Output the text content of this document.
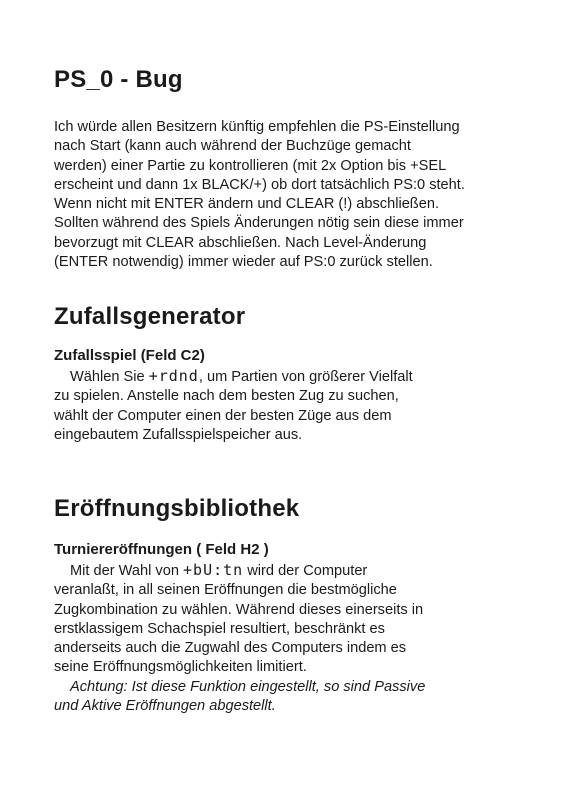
PS_0 - Bug
Ich würde allen Besitzern künftig empfehlen die PS-Einstellung
nach Start (kann auch während der Buchzüge gemacht
werden) einer Partie zu kontrollieren (mit 2x Option bis +SEL
erscheint und dann 1x BLACK/+) ob dort tatsächlich PS:0 steht.
Wenn nicht mit ENTER ändern und CLEAR (!) abschließen.
Sollten während des Spiels Änderungen nötig sein diese immer
bevorzugt mit CLEAR abschließen. Nach Level-Änderung
(ENTER notwendig) immer wieder auf PS:0 zurück stellen.
Zufallsgenerator
Zufallsspiel (Feld C2)
Wählen Sie +rdnd, um Partien von größerer Vielfalt
zu spielen. Anstelle nach dem besten Zug zu suchen,
wählt der Computer einen der besten Züge aus dem
eingebautem Zufallsspielspeicher aus.
Eröffnungsbibliothek
Turniereröffnungen ( Feld H2 )
Mit der Wahl von +bU:tn wird der Computer
veranlaßt, in all seinen Eröffnungen die bestmögliche
Zugkombination zu wählen. Während dieses einerseits in
erstklassigem Schachspiel resultiert, beschränkt es
anderseits auch die Zugwahl des Computers indem es
seine Eröffnungsmöglichkeiten limitiert.
Achtung: Ist diese Funktion eingestellt, so sind Passive
und Aktive Eröffnungen abgestellt.
